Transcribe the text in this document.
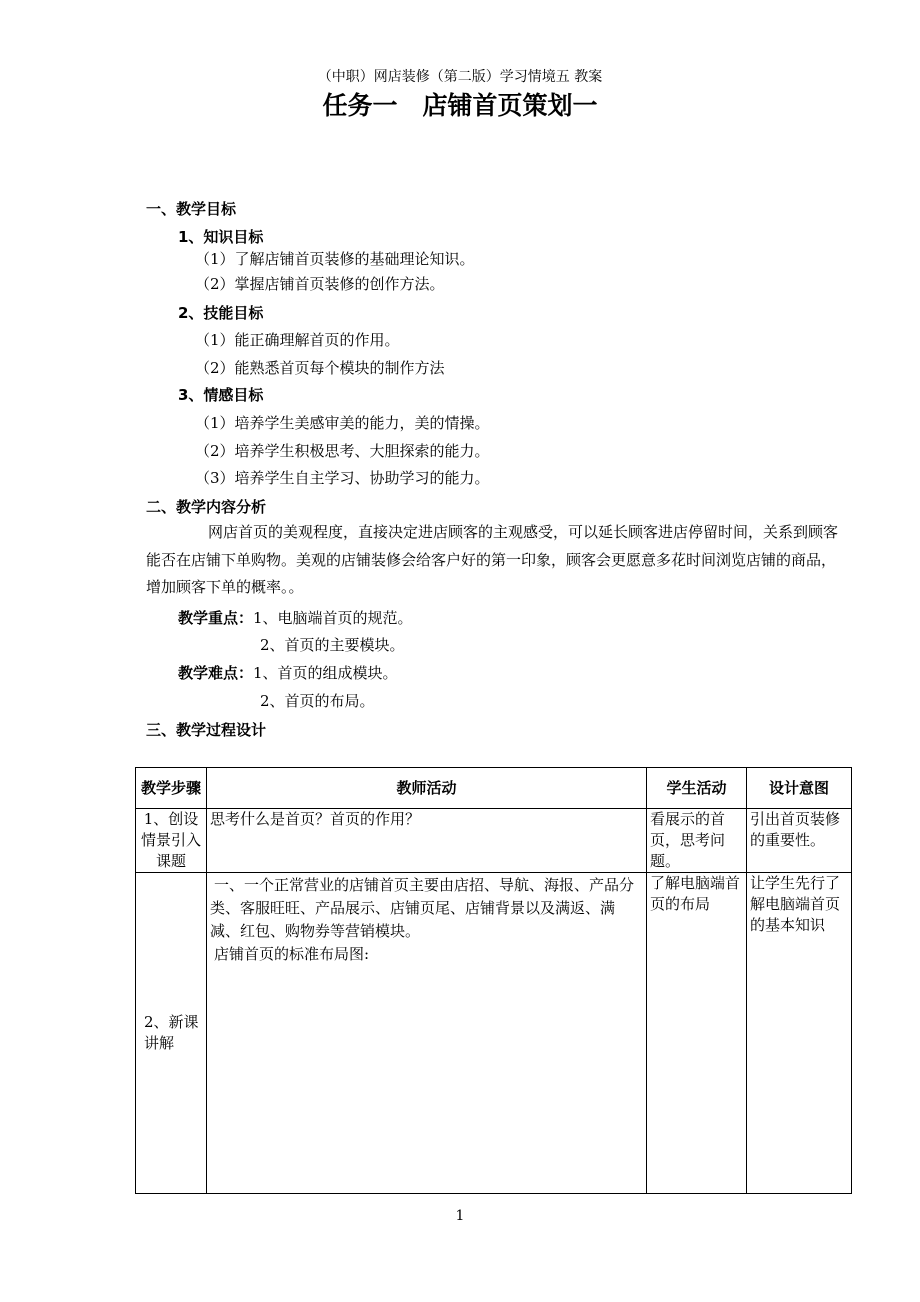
（中职）网店装修（第二版）学习情境五 教案
任务一　店铺首页策划一
一、教学目标
1、知识目标
（1）了解店铺首页装修的基础理论知识。
（2）掌握店铺首页装修的创作方法。
2、技能目标
（1）能正确理解首页的作用。
（2）能熟悉首页每个模块的制作方法
3、情感目标
（1）培养学生美感审美的能力，美的情操。
（2）培养学生积极思考、大胆探索的能力。
（3）培养学生自主学习、协助学习的能力。
二、教学内容分析
网店首页的美观程度，直接决定进店顾客的主观感受，可以延长顾客进店停留时间，关系到顾客能否在店铺下单购物。美观的店铺装修会给客户好的第一印象，顾客会更愿意多花时间浏览店铺的商品，增加顾客下单的概率。。
教学重点：1、电脑端首页的规范。
2、首页的主要模块。
教学难点：1、首页的组成模块。
2、首页的布局。
三、教学过程设计
教学步骤	教师活动	学生活动	设计意图
1、创设情景引入课题	思考什么是首页？首页的作用？	看展示的首页，思考问题。	引出首页装修的重要性。
2、新课讲解	一、一个正常营业的店铺首页主要由店招、导航、海报、产品分类、客服旺旺、产品展示、店铺页尾、店铺背景以及满返、满减、红包、购物券等营销模块。
店铺首页的标准布局图:	了解电脑端首页的布局	让学生先行了解电脑端首页的基本知识
1
